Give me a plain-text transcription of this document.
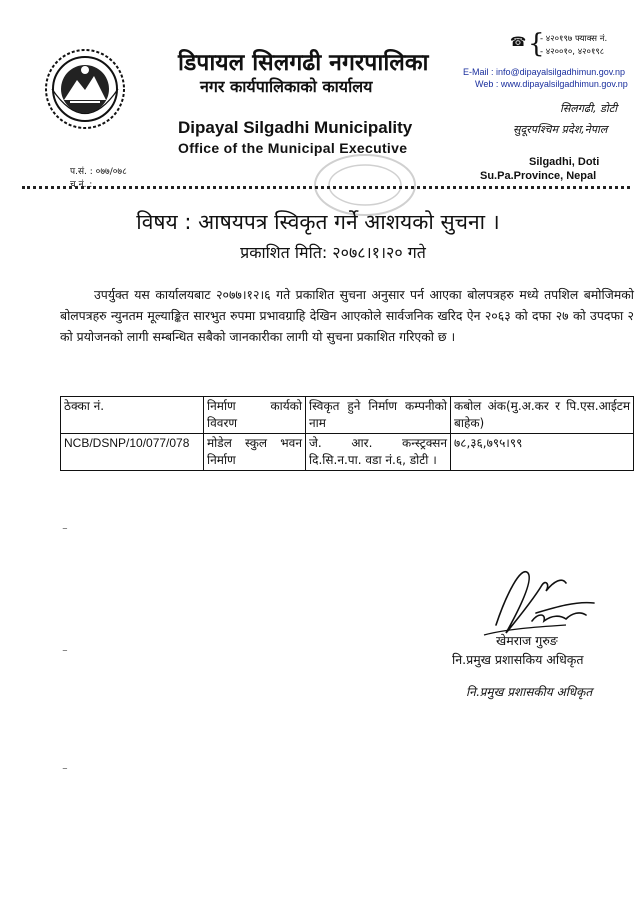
डिपायल सिलगढी नगरपालिका
नगर कार्यपालिकाको कार्यालय
Dipayal Silgadhi Municipality
Office of the Municipal Executive
☎ {
- ४२०१९७ फ्याक्स नं.
- ४२००१०, ४२०१९८
E-Mail : info@dipayalsilgadhimun.gov.np
Web : www.dipayalsilgadhimun.gov.np
सिलगढी, डोटी
सुदूरपश्चिम प्रदेश,नेपाल
Silgadhi, Doti
Su.Pa.Province, Nepal
प.सं. : ०७७/०७८
च.नं. :
विषय : आषयपत्र स्विकृत गर्ने आशयको सुचना ।
प्रकाशित मिति: २०७८।१।२० गते
उपर्युक्त यस कार्यालयबाट २०७७।१२।६ गते प्रकाशित सुचना अनुसार पर्न आएका बोलपत्रहरु मध्ये तपशिल बमोजिमको बोलपत्रहरु न्युनतम मूल्याङ्कित सारभुत रुपमा प्रभावग्राहि देखिन आएकोले सार्वजनिक खरिद ऐन २०६३ को दफा २७ को उपदफा २ को प्रयोजनको लागी सम्बन्धित सबैको जानकारीका लागी यो सुचना प्रकाशित गरिएको छ ।
ठेक्का नं.	निर्माण कार्यको विवरण	स्विकृत हुने निर्माण कम्पनीको नाम	कबोल अंक(मु.अ.कर र पि.एस.आईटम बाहेक)
NCB/DSNP/10/077/078	मोडेल स्कुल भवन निर्माण	जे. आर. कन्स्ट्रक्सन दि.सि.न.पा. वडा नं.६, डोटी ।	७८,३६,७९५।९९
⁻
⁻
⁻
खेमराज गुरुङ
नि.प्रमुख प्रशासकिय अधिकृत
नि.प्रमुख प्रशासकीय अधिकृत
